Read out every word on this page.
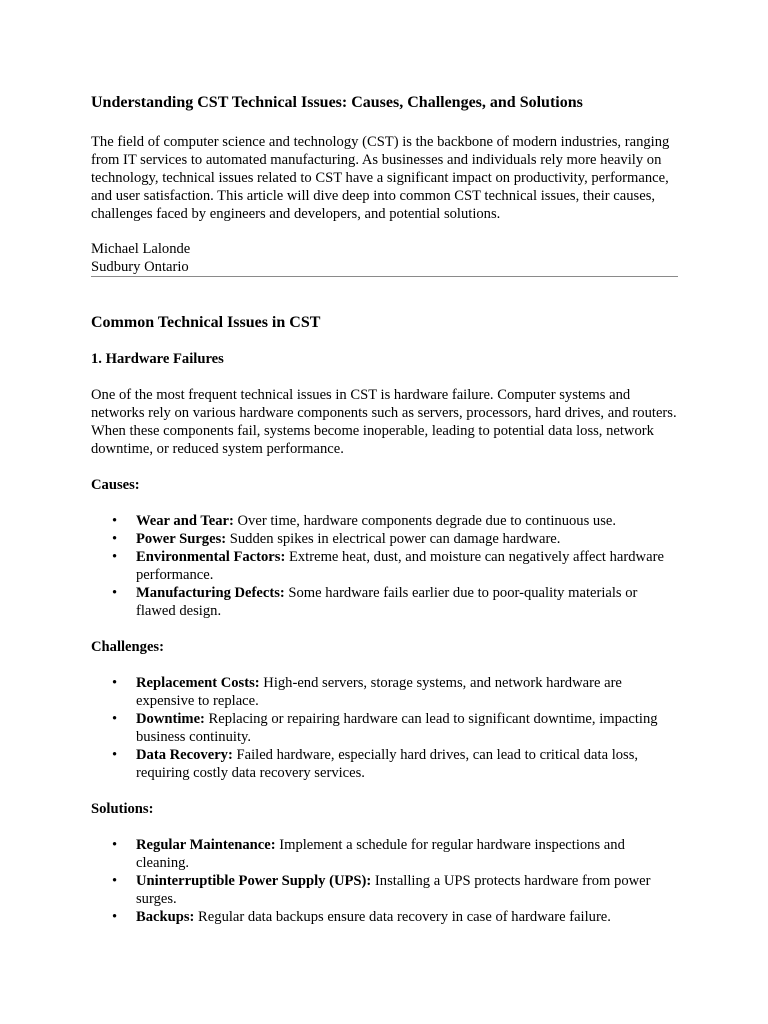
Understanding CST Technical Issues: Causes, Challenges, and Solutions

The field of computer science and technology (CST) is the backbone of modern industries, ranging from IT services to automated manufacturing. As businesses and individuals rely more heavily on technology, technical issues related to CST have a significant impact on productivity, performance, and user satisfaction. This article will dive deep into common CST technical issues, their causes, challenges faced by engineers and developers, and potential solutions.

Michael Lalonde
Sudbury Ontario
Common Technical Issues in CST
1. Hardware Failures

One of the most frequent technical issues in CST is hardware failure. Computer systems and networks rely on various hardware components such as servers, processors, hard drives, and routers. When these components fail, systems become inoperable, leading to potential data loss, network downtime, or reduced system performance.

Causes:
• Wear and Tear: Over time, hardware components degrade due to continuous use.
• Power Surges: Sudden spikes in electrical power can damage hardware.
• Environmental Factors: Extreme heat, dust, and moisture can negatively affect hardware performance.
• Manufacturing Defects: Some hardware fails earlier due to poor-quality materials or flawed design.
Challenges:
• Replacement Costs: High-end servers, storage systems, and network hardware are expensive to replace.
• Downtime: Replacing or repairing hardware can lead to significant downtime, impacting business continuity.
• Data Recovery: Failed hardware, especially hard drives, can lead to critical data loss, requiring costly data recovery services.
Solutions:
• Regular Maintenance: Implement a schedule for regular hardware inspections and cleaning.
• Uninterruptible Power Supply (UPS): Installing a UPS protects hardware from power surges.
• Backups: Regular data backups ensure data recovery in case of hardware failure.
